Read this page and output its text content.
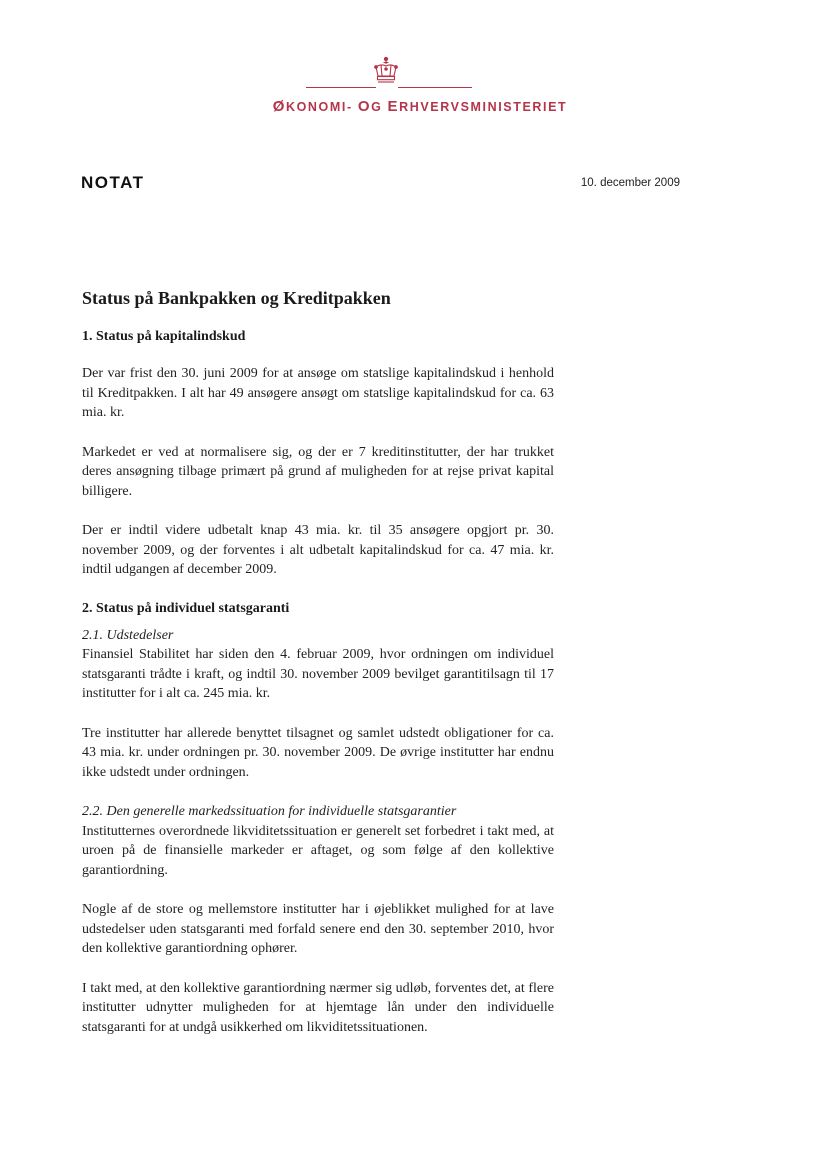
ØKONOMI- OG ERHVERVSMINISTERIET
NOTAT	10. december 2009
Status på Bankpakken og Kreditpakken
1. Status på kapitalindskud

Der var frist den 30. juni 2009 for at ansøge om statslige kapitalindskud i henhold til Kreditpakken. I alt har 49 ansøgere ansøgt om statslige kapitalindskud for ca. 63 mia. kr.

Markedet er ved at normalisere sig, og der er 7 kreditinstitutter, der har trukket deres ansøgning tilbage primært på grund af muligheden for at rejse privat kapital billigere.

Der er indtil videre udbetalt knap 43 mia. kr. til 35 ansøgere opgjort pr. 30. november 2009, og der forventes i alt udbetalt kapitalindskud for ca. 47 mia. kr. indtil udgangen af december 2009.

2. Status på individuel statsgaranti
2.1. Udstedelser

Finansiel Stabilitet har siden den 4. februar 2009, hvor ordningen om individuel statsgaranti trådte i kraft, og indtil 30. november 2009 bevilget garantitilsagn til 17 institutter for i alt ca. 245 mia. kr.

Tre institutter har allerede benyttet tilsagnet og samlet udstedt obligationer for ca. 43 mia. kr. under ordningen pr. 30. november 2009. De øvrige institutter har endnu ikke udstedt under ordningen.

2.2. Den generelle markedssituation for individuelle statsgarantier

Institutternes overordnede likviditetssituation er generelt set forbedret i takt med, at uroen på de finansielle markeder er aftaget, og som følge af den kollektive garantiordning.

Nogle af de store og mellemstore institutter har i øjeblikket mulighed for at lave udstedelser uden statsgaranti med forfald senere end den 30. september 2010, hvor den kollektive garantiordning ophører.

I takt med, at den kollektive garantiordning nærmer sig udløb, forventes det, at flere institutter udnytter muligheden for at hjemtage lån under den individuelle statsgaranti for at undgå usikkerhed om likviditetssituationen.
